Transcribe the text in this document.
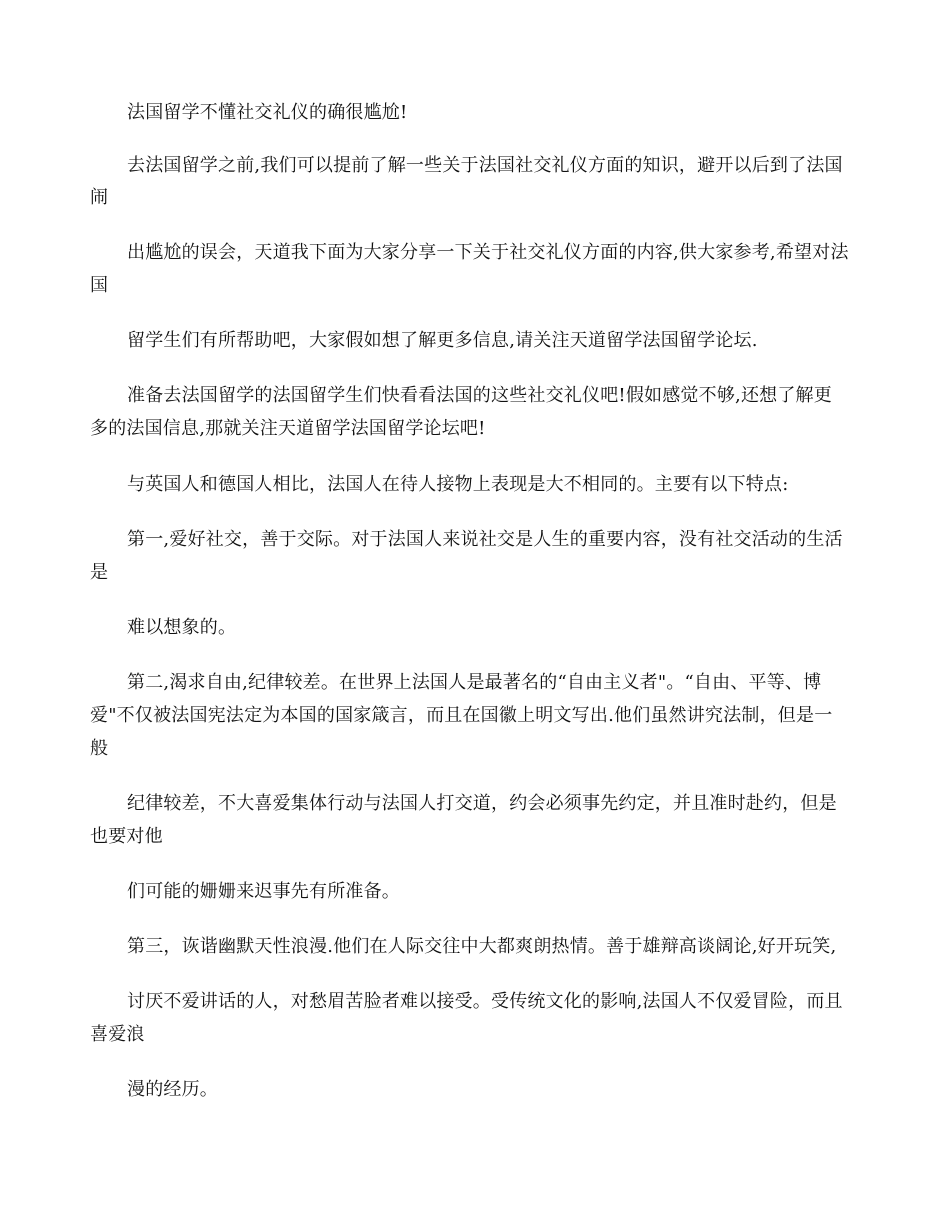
法国留学不懂社交礼仪的确很尴尬!
去法国留学之前,我们可以提前了解一些关于法国社交礼仪方面的知识，避开以后到了法国
闹
出尴尬的误会，天道我下面为大家分享一下关于社交礼仪方面的内容,供大家参考,希望对法
国
留学生们有所帮助吧，大家假如想了解更多信息,请关注天道留学法国留学论坛.
准备去法国留学的法国留学生们快看看法国的这些社交礼仪吧!假如感觉不够,还想了解更
多的法国信息,那就关注天道留学法国留学论坛吧!
与英国人和德国人相比，法国人在待人接物上表现是大不相同的。主要有以下特点:
第一,爱好社交，善于交际。对于法国人来说社交是人生的重要内容，没有社交活动的生活
是
难以想象的。
第二,渴求自由,纪律较差。在世界上法国人是最著名的“自由主义者"。“自由、平等、博
爱"不仅被法国宪法定为本国的国家箴言，而且在国徽上明文写出.他们虽然讲究法制，但是一
般
纪律较差，不大喜爱集体行动与法国人打交道，约会必须事先约定，并且准时赴约，但是
也要对他
们可能的姗姗来迟事先有所准备。
第三，诙谐幽默天性浪漫.他们在人际交往中大都爽朗热情。善于雄辩高谈阔论,好开玩笑,
讨厌不爱讲话的人，对愁眉苦脸者难以接受。受传统文化的影响,法国人不仅爱冒险，而且
喜爱浪
漫的经历。
